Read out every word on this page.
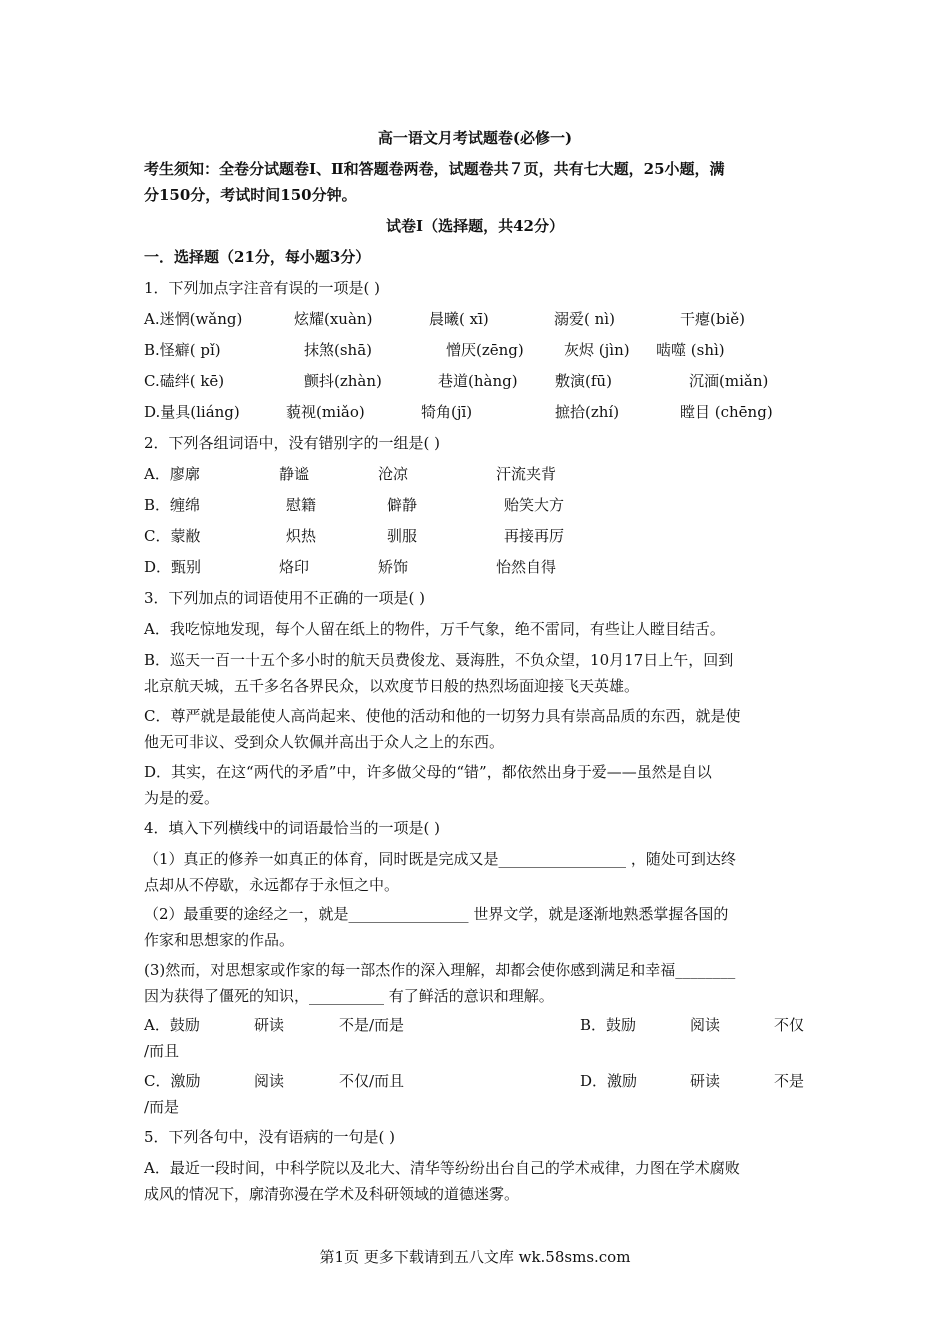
高一语文月考试题卷(必修一)
考生须知：全卷分试题卷Ⅰ、Ⅱ和答题卷两卷，试题卷共７页，共有七大题，25小题，满
分150分，考试时间150分钟。
试卷Ⅰ（选择题，共42分）
一．选择题（21分，每小题3分）
1．下列加点字注音有误的一项是( )
A.迷惘(wǎng)	炫耀(xuàn)	晨曦( xī)	溺爱( nì)	干瘪(biě)
B.怪癖( pǐ)	抹煞(shā)	憎厌(zēng)	灰烬 (jìn) 啮噬 (shì)
C.磕绊( kē)	颤抖(zhàn)	巷道(hàng) 敷演(fū)	沉湎(miǎn)
D.量具(liáng)	藐视(miǎo)	犄角(jī)	摭拾(zhí)	瞠目 (chēng)
2．下列各组词语中，没有错别字的一组是( )
A．廖廓	静谧	沧凉	汗流夹背
B．缠绵	慰籍	僻静	贻笑大方
C．蒙敝	炽热	驯服	再接再厉
D．甄别	烙印	矫饰	怡然自得
3．下列加点的词语使用不正确的一项是( )
A．我吃惊地发现，每个人留在纸上的物件，万千气象，绝不雷同，有些让人瞠目结舌。
B．巡天一百一十五个多小时的航天员费俊龙、聂海胜，不负众望，10月17日上午，回到
北京航天城，五千多名各界民众，以欢度节日般的热烈场面迎接飞天英雄。
C．尊严就是最能使人高尚起来、使他的活动和他的一切努力具有崇高品质的东西，就是使
他无可非议、受到众人钦佩并高出于众人之上的东西。
D．其实，在这“两代的矛盾”中，许多做父母的“错”，都依然出身于爱——虽然是自以
为是的爱。
4．填入下列横线中的词语最恰当的一项是( )
（1）真正的修养一如真正的体育，同时既是完成又是_________________ ，随处可到达终
点却从不停歇，永远都存于永恒之中。
（2）最重要的途经之一，就是________________ 世界文学，就是逐渐地熟悉掌握各国的
作家和思想家的作品。
(3)然而，对思想家或作家的每一部杰作的深入理解，却都会使你感到满足和幸福________
因为获得了僵死的知识，__________ 有了鲜活的意识和理解。
A．鼓励	研读	不是/而是	B．鼓励	阅读	不仅
/而且
C．激励	阅读	不仅/而且	D．激励	研读	不是
/而是
5．下列各句中，没有语病的一句是( )
A．最近一段时间，中科学院以及北大、清华等纷纷出台自己的学术戒律，力图在学术腐败
成风的情况下，廓清弥漫在学术及科研领域的道德迷雾。
第1页 更多下载请到五八文库 wk.58sms.com
